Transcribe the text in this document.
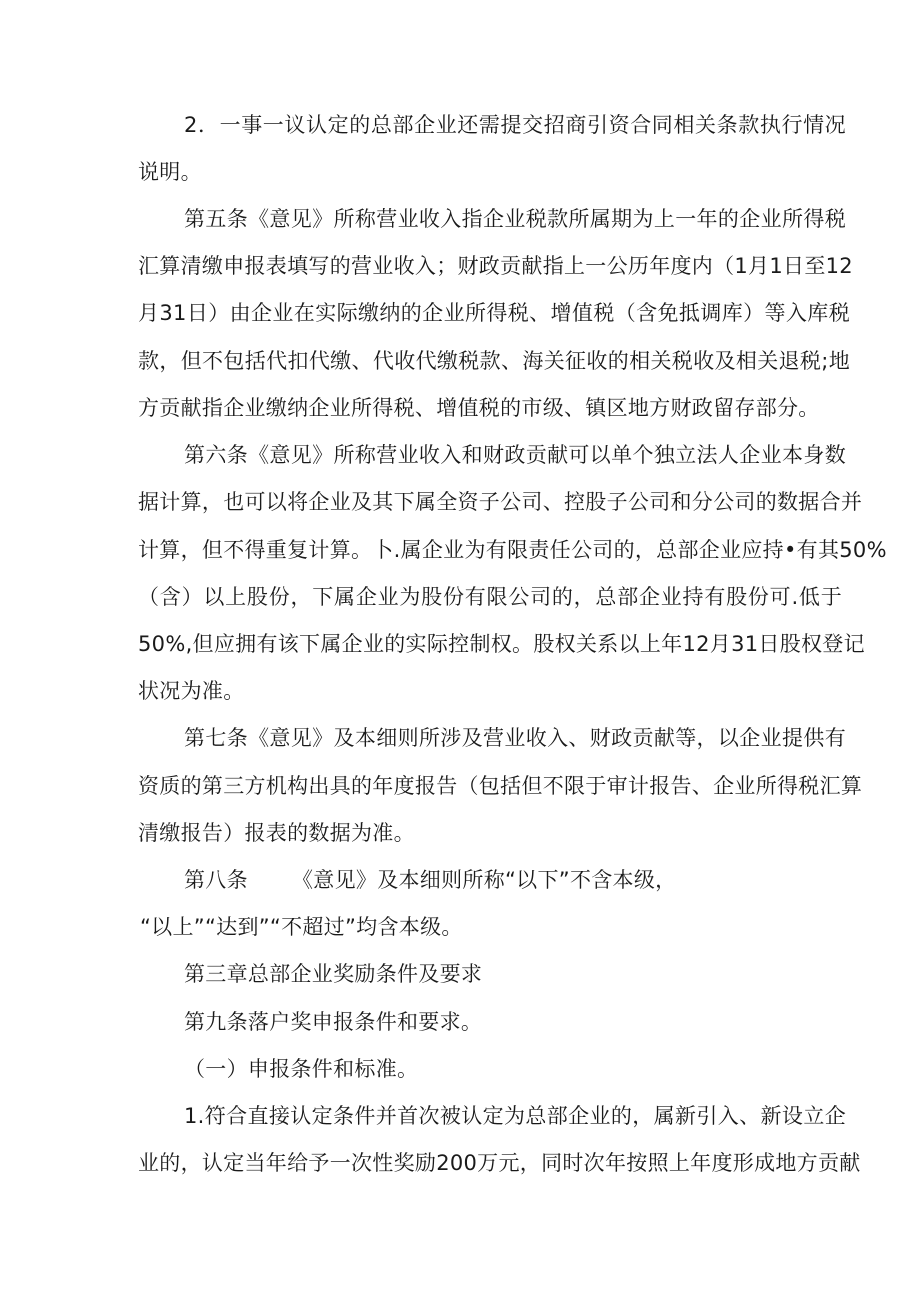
2．一事一议认定的总部企业还需提交招商引资合同相关条款执行情况
说明。
第五条《意见》所称营业收入指企业税款所属期为上一年的企业所得税
汇算清缴申报表填写的营业收入；财政贡献指上一公历年度内（1月1日至12
月31日）由企业在实际缴纳的企业所得税、增值税（含免抵调库）等入库税
款，但不包括代扣代缴、代收代缴税款、海关征收的相关税收及相关退税;地
方贡献指企业缴纳企业所得税、增值税的市级、镇区地方财政留存部分。
第六条《意见》所称营业收入和财政贡献可以单个独立法人企业本身数
据计算，也可以将企业及其下属全资子公司、控股子公司和分公司的数据合并
计算，但不得重复计算。卜.属企业为有限责任公司的，总部企业应持•有其50%
（含）以上股份，下属企业为股份有限公司的，总部企业持有股份可.低于
50%,但应拥有该下属企业的实际控制权。股权关系以上年12月31日股权登记
状况为准。
第七条《意见》及本细则所涉及营业收入、财政贡献等，以企业提供有
资质的第三方机构出具的年度报告（包括但不限于审计报告、企业所得税汇算
清缴报告）报表的数据为准。
第八条 《意见》及本细则所称“以下”不含本级，
“以上”“达到”“不超过”均含本级。
第三章总部企业奖励条件及要求
第九条落户奖申报条件和要求。
（一）申报条件和标准。
1.符合直接认定条件并首次被认定为总部企业的，属新引入、新设立企
业的，认定当年给予一次性奖励200万元，同时次年按照上年度形成地方贡献
